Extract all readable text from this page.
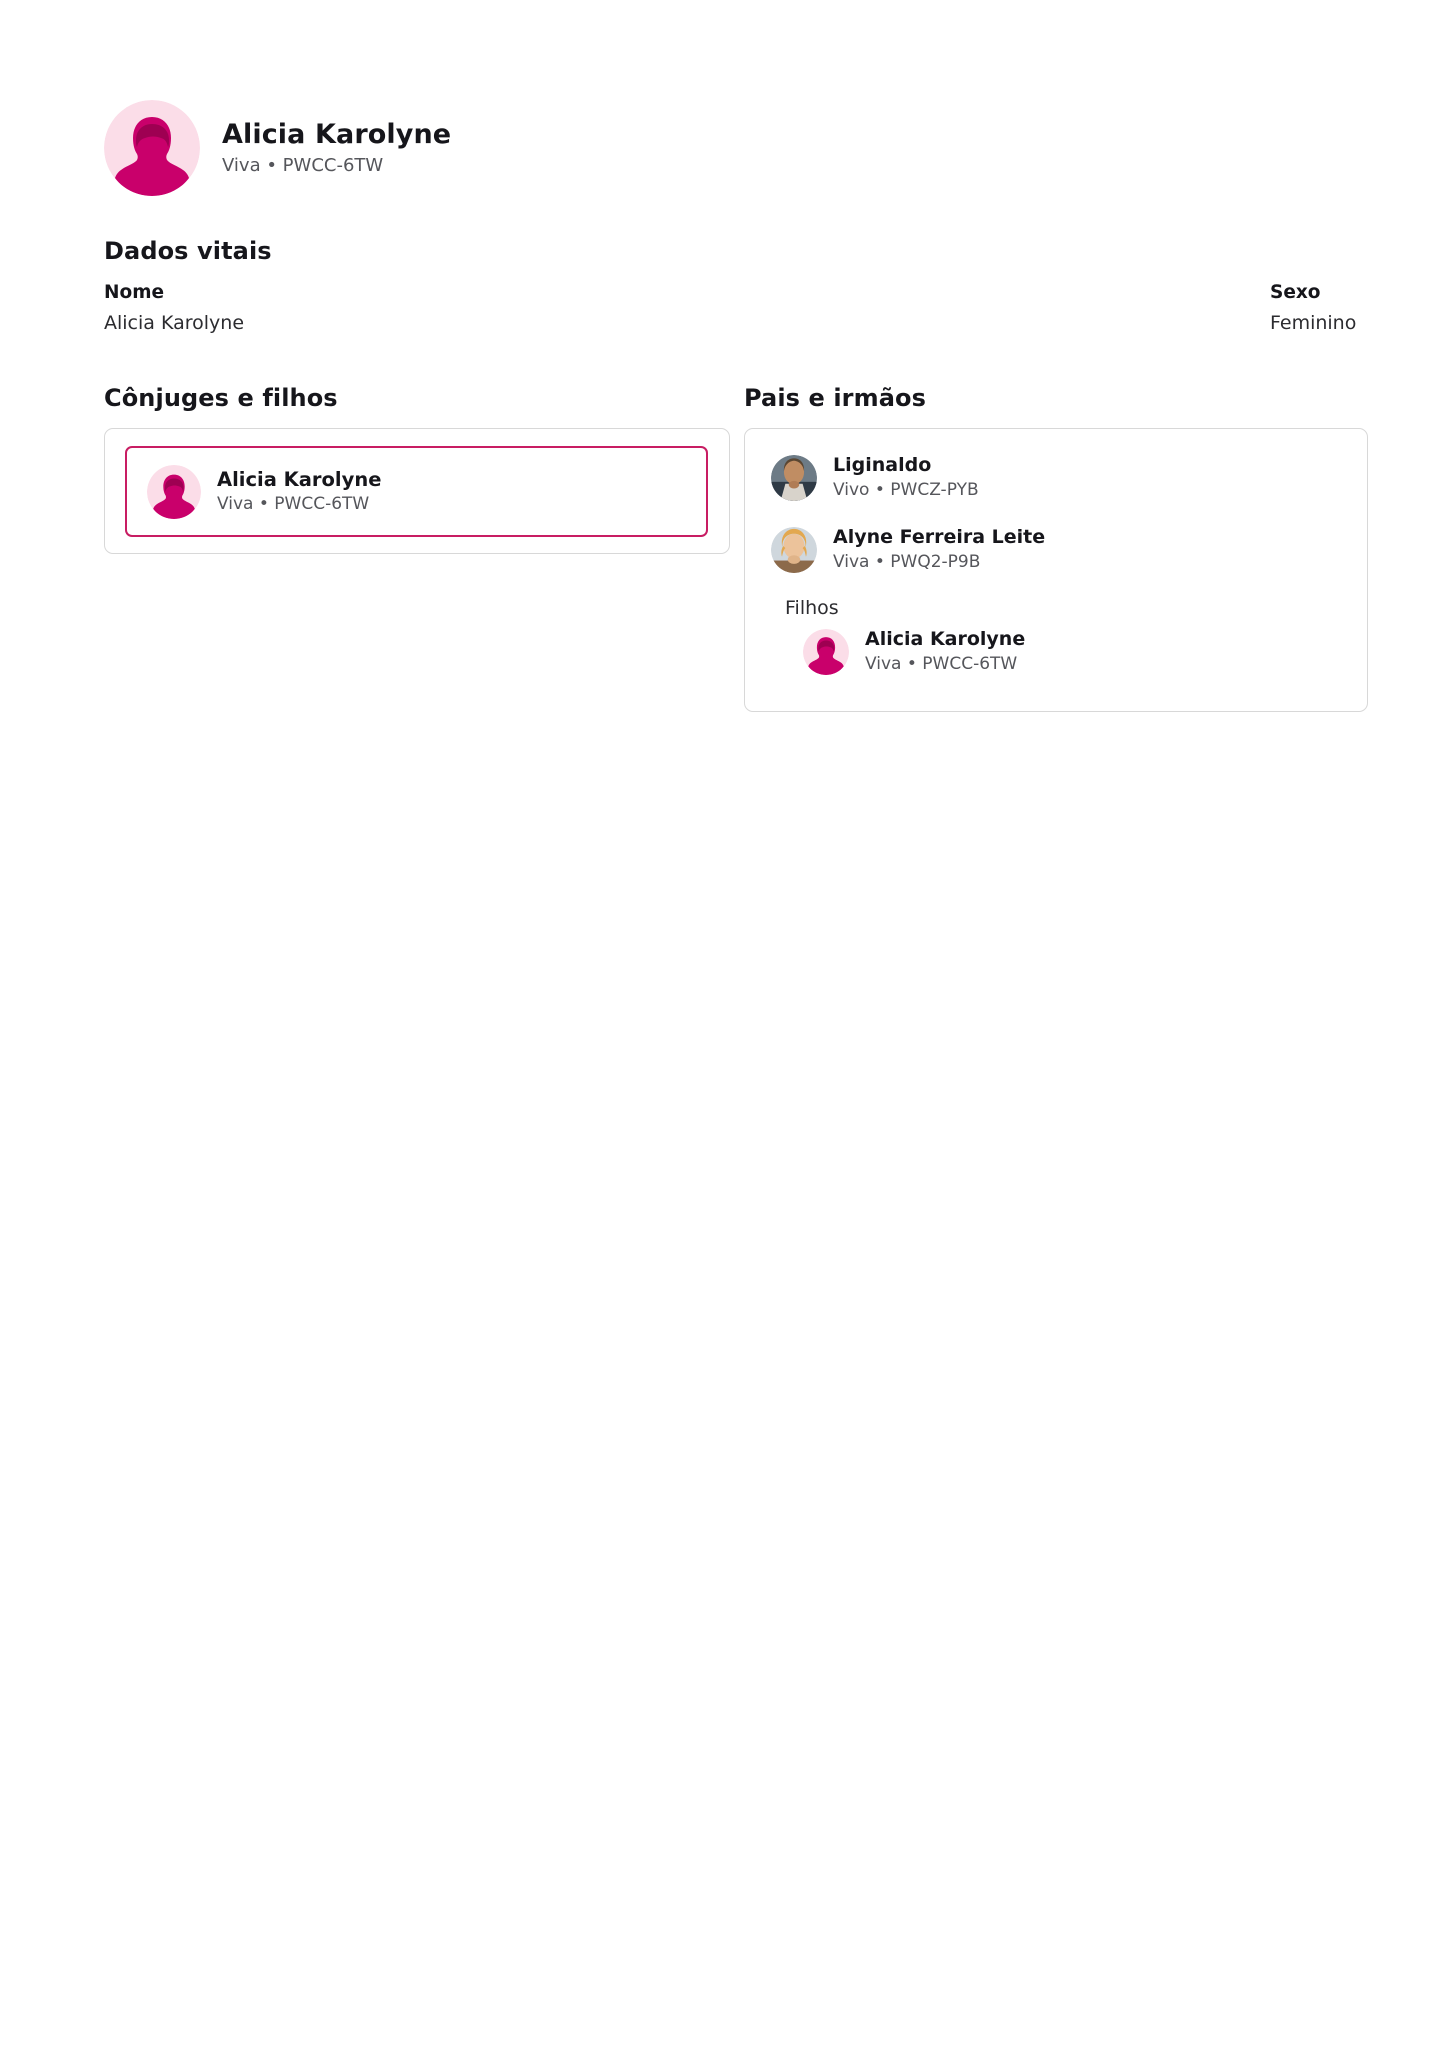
Alicia Karolyne
Viva • PWCC-6TW
Dados vitais
Nome
Alicia Karolyne
Sexo
Feminino
Cônjuges e filhos
Alicia Karolyne
Viva • PWCC-6TW
Pais e irmãos
Liginaldo
Vivo • PWCZ-PYB
Alyne Ferreira Leite
Viva • PWQ2-P9B
Filhos
Alicia Karolyne
Viva • PWCC-6TW
